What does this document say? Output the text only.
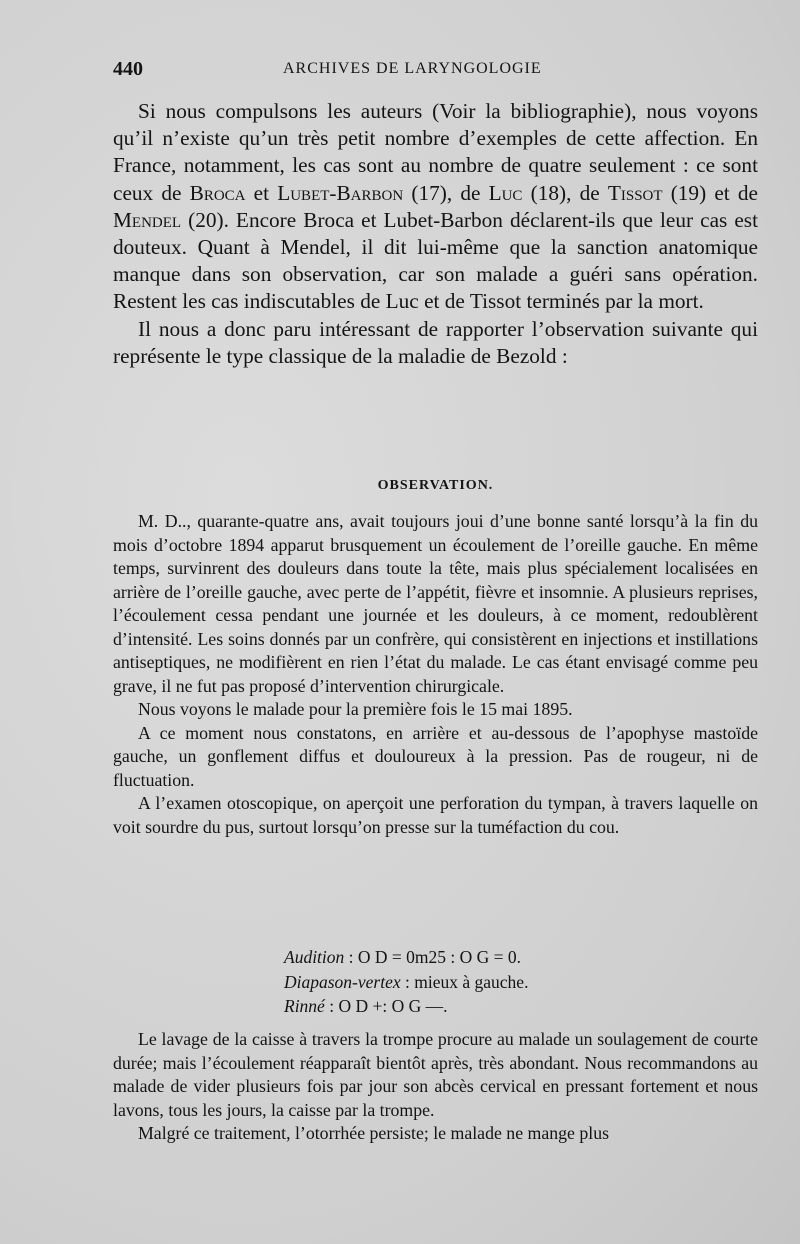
440	ARCHIVES DE LARYNGOLOGIE

Si nous compulsons les auteurs (Voir la bibliographie), nous voyons qu’il n’existe qu’un très petit nombre d’exemples de cette affection. En France, notamment, les cas sont au nombre de quatre seulement : ce sont ceux de Broca et Lubet-Barbon (17), de Luc (18), de Tissot (19) et de Mendel (20). Encore Broca et Lubet-Barbon déclarent-ils que leur cas est douteux. Quant à Mendel, il dit lui-même que la sanction anatomique manque dans son observation, car son malade a guéri sans opération. Restent les cas indiscutables de Luc et de Tissot terminés par la mort.

Il nous a donc paru intéressant de rapporter l’observation suivante qui représente le type classique de la maladie de Bezold :

OBSERVATION.

M. D.., quarante-quatre ans, avait toujours joui d’une bonne santé lorsqu’à la fin du mois d’octobre 1894 apparut brusquement un écoulement de l’oreille gauche. En même temps, survinrent des douleurs dans toute la tête, mais plus spécialement localisées en arrière de l’oreille gauche, avec perte de l’appétit, fièvre et insomnie. A plusieurs reprises, l’écoulement cessa pendant une journée et les douleurs, à ce moment, redoublèrent d’intensité. Les soins donnés par un confrère, qui consistèrent en injections et instillations antiseptiques, ne modifièrent en rien l’état du malade. Le cas étant envisagé comme peu grave, il ne fut pas proposé d’intervention chirurgicale.

Nous voyons le malade pour la première fois le 15 mai 1895.

A ce moment nous constatons, en arrière et au-dessous de l’apophyse mastoïde gauche, un gonflement diffus et douloureux à la pression. Pas de rougeur, ni de fluctuation.

A l’examen otoscopique, on aperçoit une perforation du tympan, à travers laquelle on voit sourdre du pus, surtout lorsqu’on presse sur la tuméfaction du cou.

Audition : O D = 0m25 : O G = 0.
Diapason-vertex : mieux à gauche.
Rinné : O D +: O G —.

Le lavage de la caisse à travers la trompe procure au malade un soulagement de courte durée; mais l’écoulement réapparaît bientôt après, très abondant. Nous recommandons au malade de vider plusieurs fois par jour son abcès cervical en pressant fortement et nous lavons, tous les jours, la caisse par la trompe.

Malgré ce traitement, l’otorrhée persiste; le malade ne mange plus
